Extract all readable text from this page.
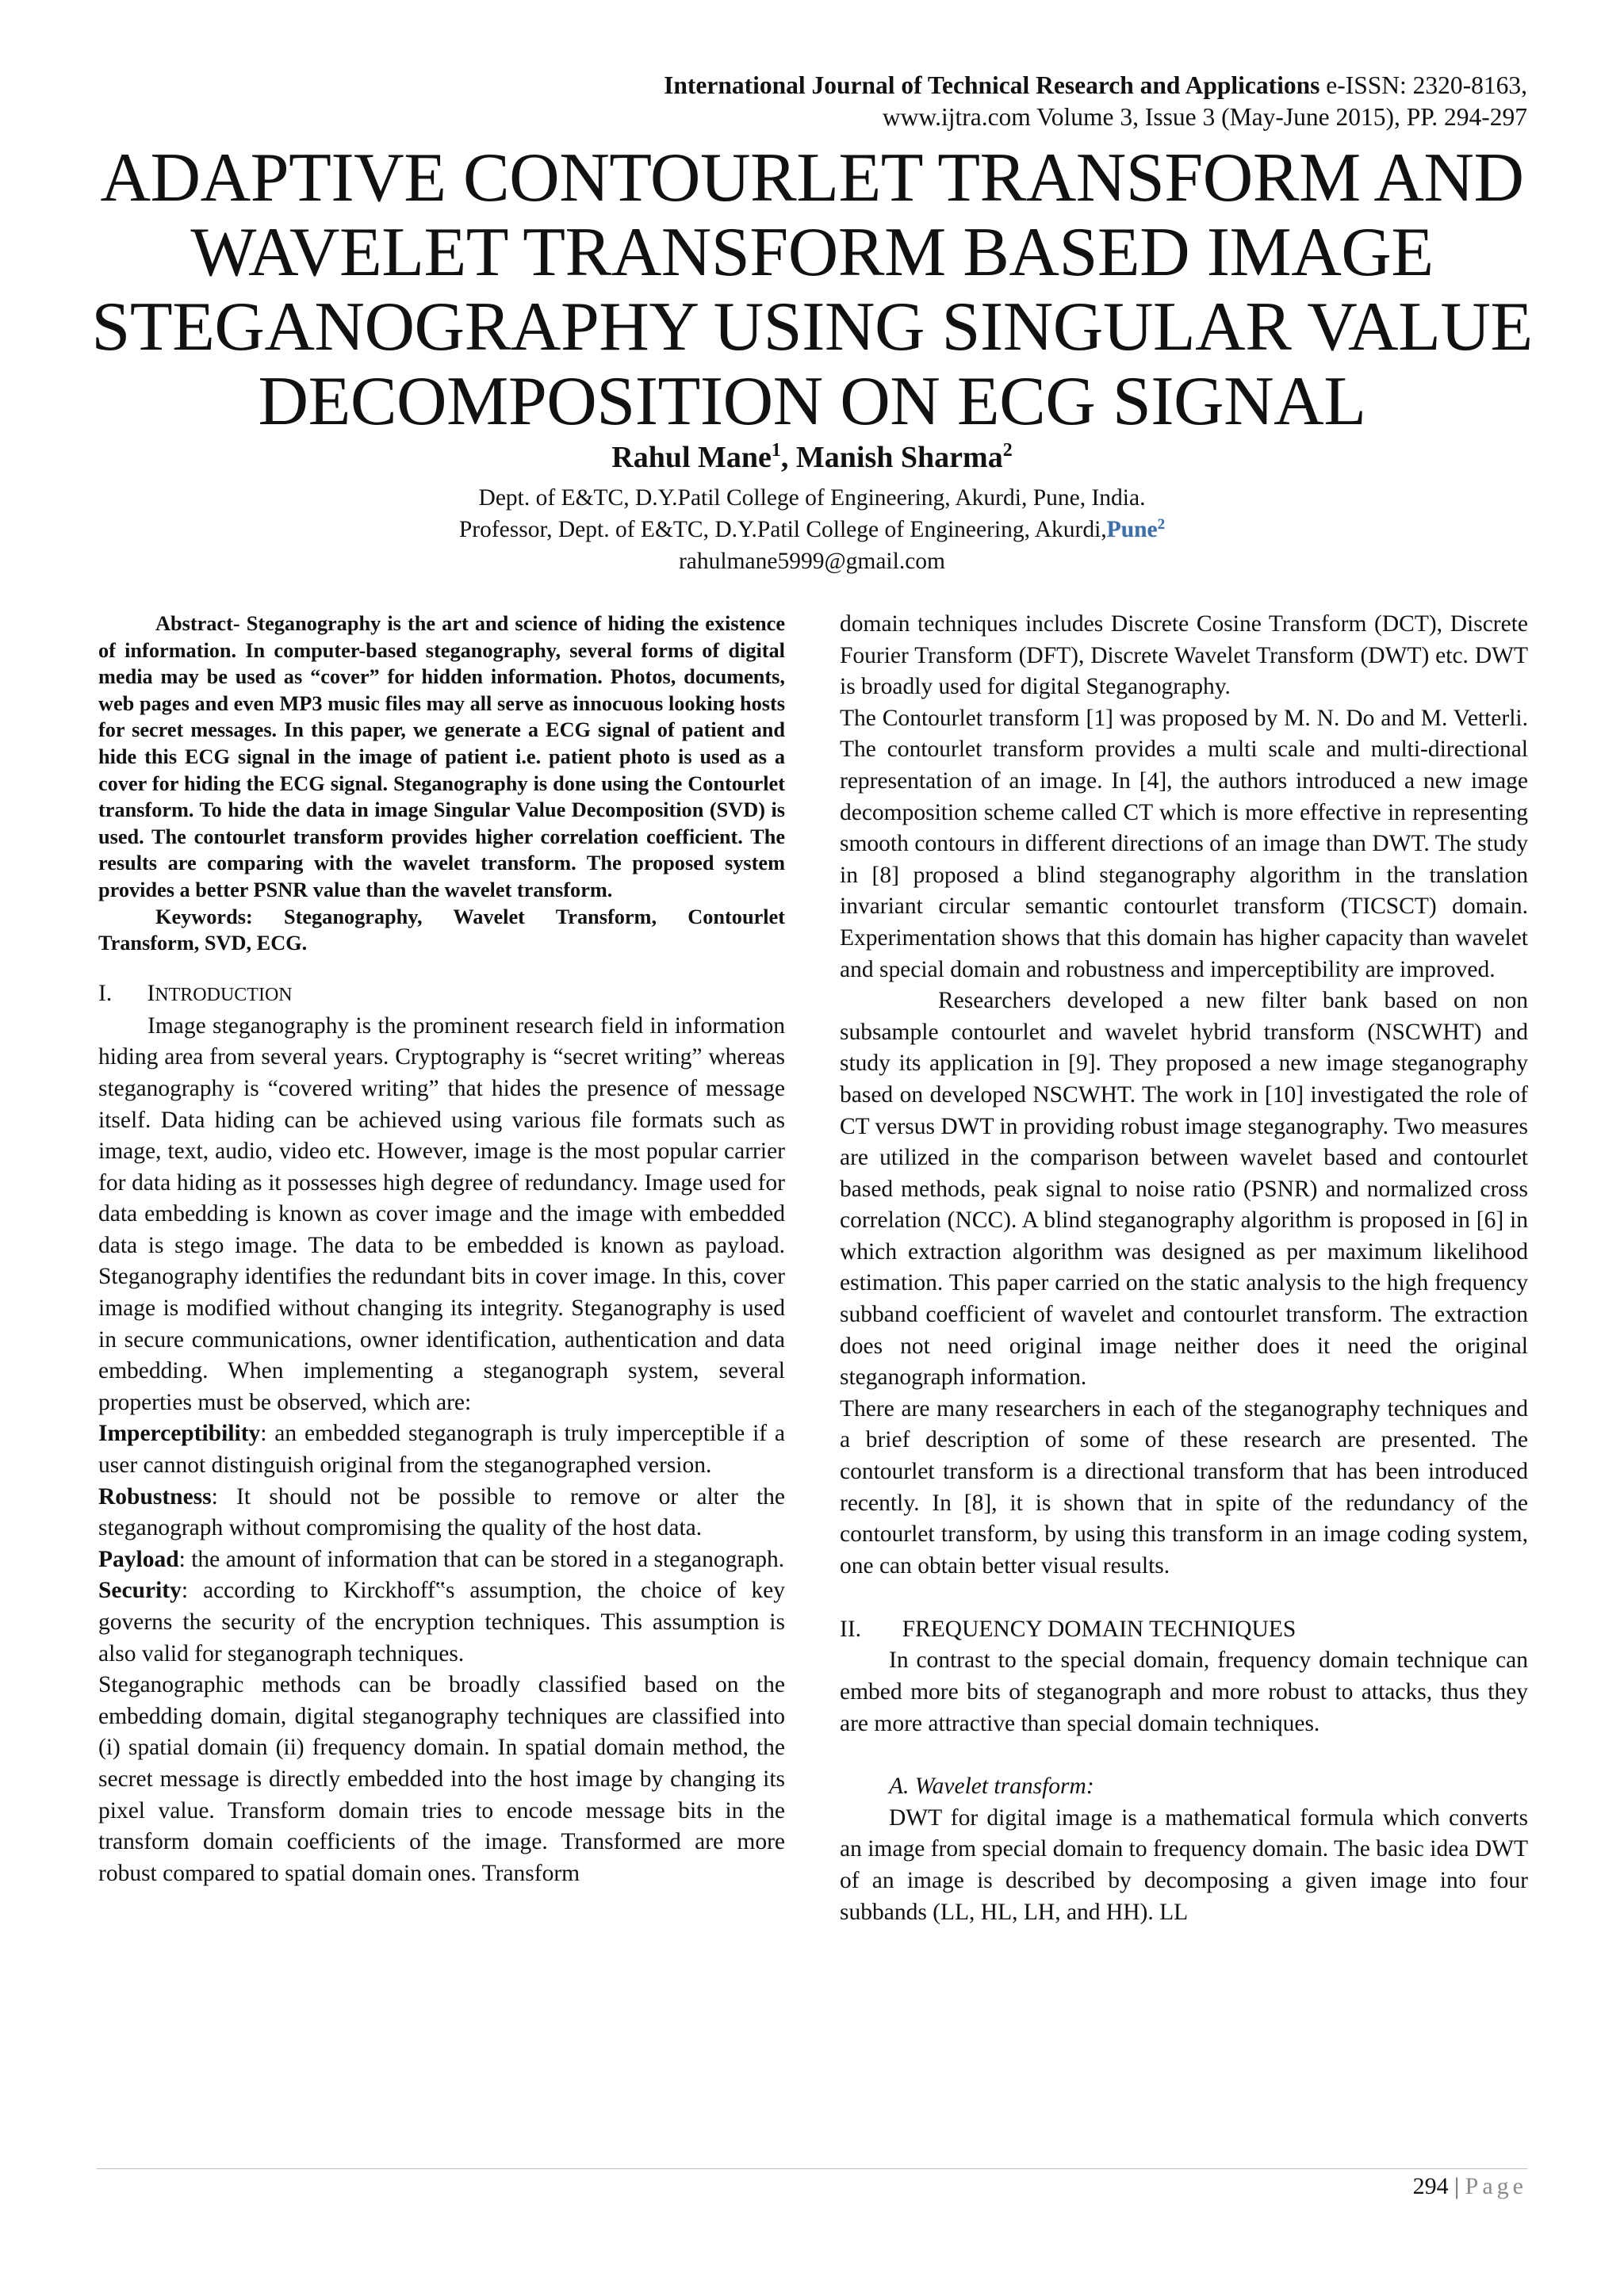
International Journal of Technical Research and Applications e-ISSN: 2320-8163,
www.ijtra.com Volume 3, Issue 3 (May-June 2015), PP. 294-297
ADAPTIVE CONTOURLET TRANSFORM AND
WAVELET TRANSFORM BASED IMAGE
STEGANOGRAPHY USING SINGULAR VALUE
DECOMPOSITION ON ECG SIGNAL
Rahul Mane$^1$, Manish Sharma$^2$
Dept. of E&TC, D.Y.Patil College of Engineering, Akurdi, Pune, India.
Professor, Dept. of E&TC, D.Y.Patil College of Engineering, Akurdi,Pune$^2$
rahulmane5999@gmail.com

Abstract- Steganography is the art and science of hiding the existence of information. In computer-based steganography, several forms of digital media may be used as “cover” for hidden information. Photos, documents, web pages and even MP3 music files may all serve as innocuous looking hosts for secret messages. In this paper, we generate a ECG signal of patient and hide this ECG signal in the image of patient i.e. patient photo is used as a cover for hiding the ECG signal. Steganography is done using the Contourlet transform. To hide the data in image Singular Value Decomposition (SVD) is used. The contourlet transform provides higher correlation coefficient. The results are comparing with the wavelet transform. The proposed system provides a better PSNR value than the wavelet transform.

Keywords: Steganography, Wavelet Transform, Contourlet Transform, SVD, ECG.

I. INTRODUCTION

Image steganography is the prominent research field in information hiding area from several years. Cryptography is “secret writing” whereas steganography is “covered writing” that hides the presence of message itself. Data hiding can be achieved using various file formats such as image, text, audio, video etc. However, image is the most popular carrier for data hiding as it possesses high degree of redundancy. Image used for data embedding is known as cover image and the image with embedded data is stego image. The data to be embedded is known as payload. Steganography identifies the redundant bits in cover image. In this, cover image is modified without changing its integrity. Steganography is used in secure communications, owner identification, authentication and data embedding. When implementing a steganograph system, several properties must be observed, which are:

Imperceptibility: an embedded steganograph is truly imperceptible if a user cannot distinguish original from the steganographed version.

Robustness: It should not be possible to remove or alter the steganograph without compromising the quality of the host data.

Payload: the amount of information that can be stored in a steganograph.

Security: according to Kirckhoff‟s assumption, the choice of key governs the security of the encryption techniques. This assumption is also valid for steganograph techniques.

Steganographic methods can be broadly classified based on the embedding domain, digital steganography techniques are classified into (i) spatial domain (ii) frequency domain. In spatial domain method, the secret message is directly embedded into the host image by changing its pixel value. Transform domain tries to encode message bits in the transform domain coefficients of the image. Transformed are more robust compared to spatial domain ones. Transform

domain techniques includes Discrete Cosine Transform (DCT), Discrete Fourier Transform (DFT), Discrete Wavelet Transform (DWT) etc. DWT is broadly used for digital Steganography.

The Contourlet transform [1] was proposed by M. N. Do and M. Vetterli. The contourlet transform provides a multi scale and multi-directional representation of an image. In [4], the authors introduced a new image decomposition scheme called CT which is more effective in representing smooth contours in different directions of an image than DWT. The study in [8] proposed a blind steganography algorithm in the translation invariant circular semantic contourlet transform (TICSCT) domain. Experimentation shows that this domain has higher capacity than wavelet and special domain and robustness and imperceptibility are improved.

Researchers developed a new filter bank based on non subsample contourlet and wavelet hybrid transform (NSCWHT) and study its application in [9]. They proposed a new image steganography based on developed NSCWHT. The work in [10] investigated the role of CT versus DWT in providing robust image steganography. Two measures are utilized in the comparison between wavelet based and contourlet based methods, peak signal to noise ratio (PSNR) and normalized cross correlation (NCC). A blind steganography algorithm is proposed in [6] in which extraction algorithm was designed as per maximum likelihood estimation. This paper carried on the static analysis to the high frequency subband coefficient of wavelet and contourlet transform. The extraction does not need original image neither does it need the original steganograph information.

There are many researchers in each of the steganography techniques and a brief description of some of these research are presented. The contourlet transform is a directional transform that has been introduced recently. In [8], it is shown that in spite of the redundancy of the contourlet transform, by using this transform in an image coding system, one can obtain better visual results.

II. FREQUENCY DOMAIN TECHNIQUES

In contrast to the special domain, frequency domain technique can embed more bits of steganograph and more robust to attacks, thus they are more attractive than special domain techniques.

A. Wavelet transform:

DWT for digital image is a mathematical formula which converts an image from special domain to frequency domain. The basic idea DWT of an image is described by decomposing a given image into four subbands (LL, HL, LH, and HH). LL

294 | Page
